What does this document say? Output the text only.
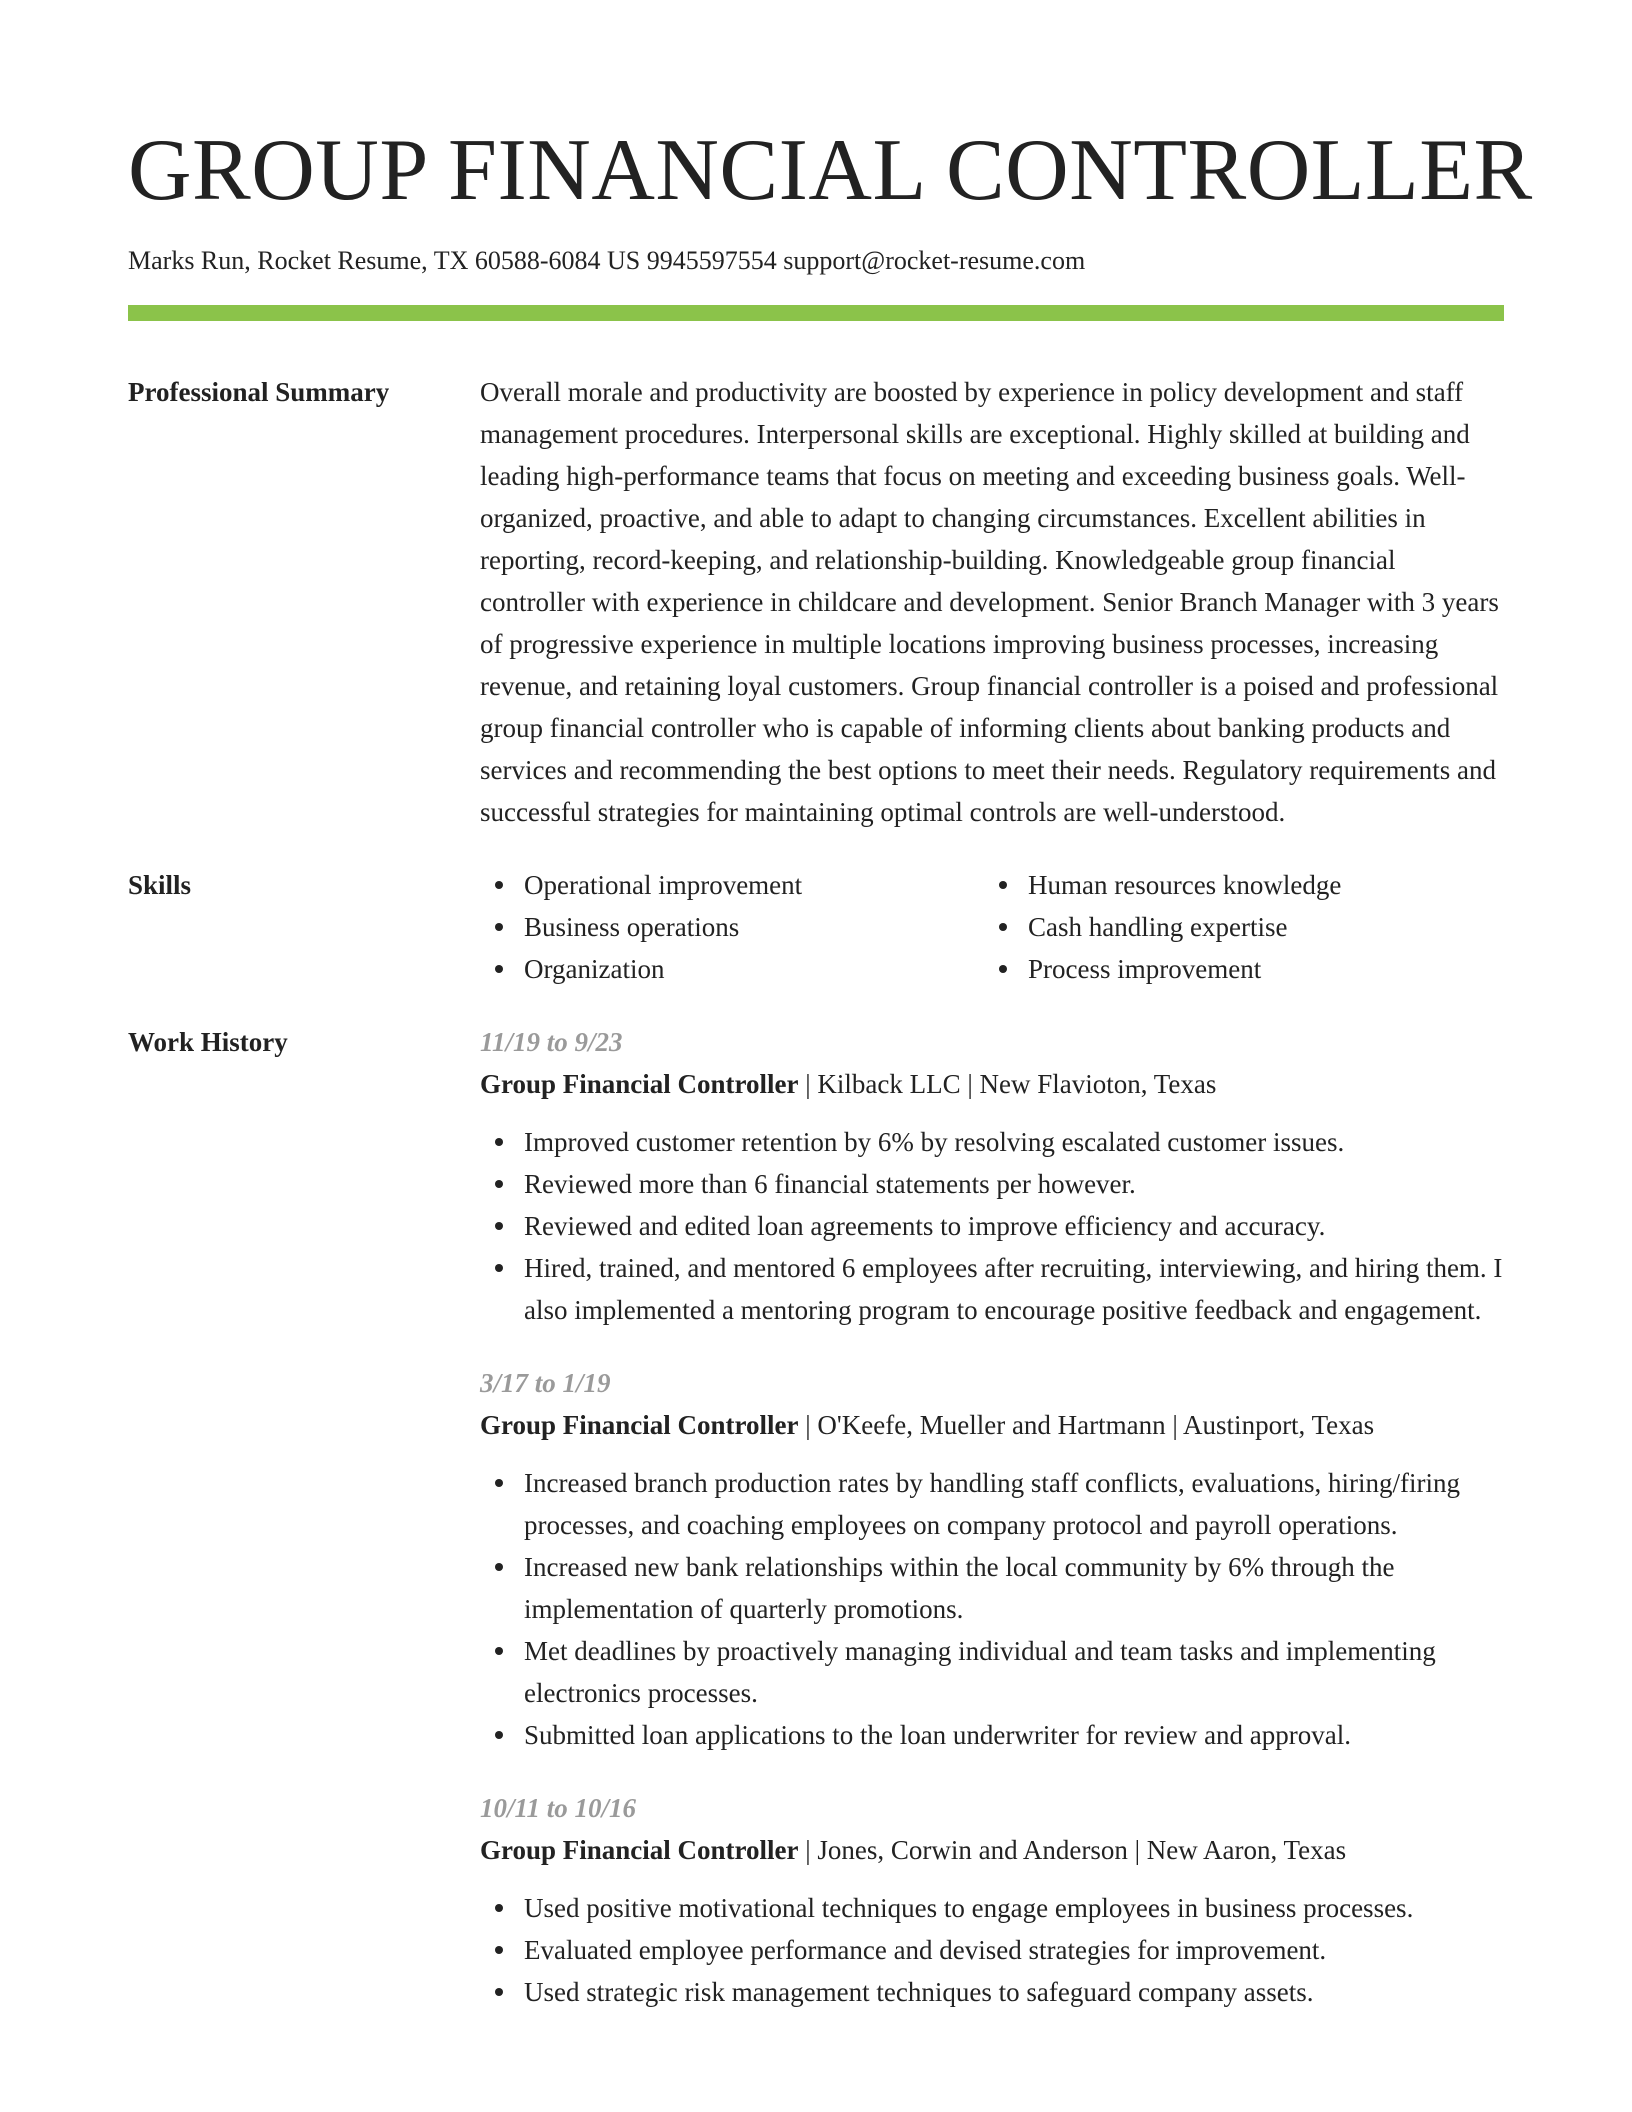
GROUP FINANCIAL CONTROLLER
Marks Run, Rocket Resume, TX 60588-6084 US 9945597554 support@rocket-resume.com
Professional Summary	Overall morale and productivity are boosted by experience in policy development and staff management procedures. Interpersonal skills are exceptional. Highly skilled at building and leading high-performance teams that focus on meeting and exceeding business goals. Well-organized, proactive, and able to adapt to changing circumstances. Excellent abilities in reporting, record-keeping, and relationship-building. Knowledgeable group financial controller with experience in childcare and development. Senior Branch Manager with 3 years of progressive experience in multiple locations improving business processes, increasing revenue, and retaining loyal customers. Group financial controller is a poised and professional group financial controller who is capable of informing clients about banking products and services and recommending the best options to meet their needs. Regulatory requirements and successful strategies for maintaining optimal controls are well-understood.

Skills	Operational improvement
Business operations
Organization
Human resources knowledge
Cash handling expertise
Process improvement
Work History	11/19 to 9/23
Group Financial Controller | Kilback LLC | New Flavioton, Texas
Improved customer retention by 6% by resolving escalated customer issues.
Reviewed more than 6 financial statements per however.
Reviewed and edited loan agreements to improve efficiency and accuracy.
Hired, trained, and mentored 6 employees after recruiting, interviewing, and hiring them. I also implemented a mentoring program to encourage positive feedback and engagement.
3/17 to 1/19
Group Financial Controller | O'Keefe, Mueller and Hartmann | Austinport, Texas
Increased branch production rates by handling staff conflicts, evaluations, hiring/firing processes, and coaching employees on company protocol and payroll operations.
Increased new bank relationships within the local community by 6% through the implementation of quarterly promotions.
Met deadlines by proactively managing individual and team tasks and implementing electronics processes.
Submitted loan applications to the loan underwriter for review and approval.
10/11 to 10/16
Group Financial Controller | Jones, Corwin and Anderson | New Aaron, Texas
Used positive motivational techniques to engage employees in business processes.
Evaluated employee performance and devised strategies for improvement.
Used strategic risk management techniques to safeguard company assets.
